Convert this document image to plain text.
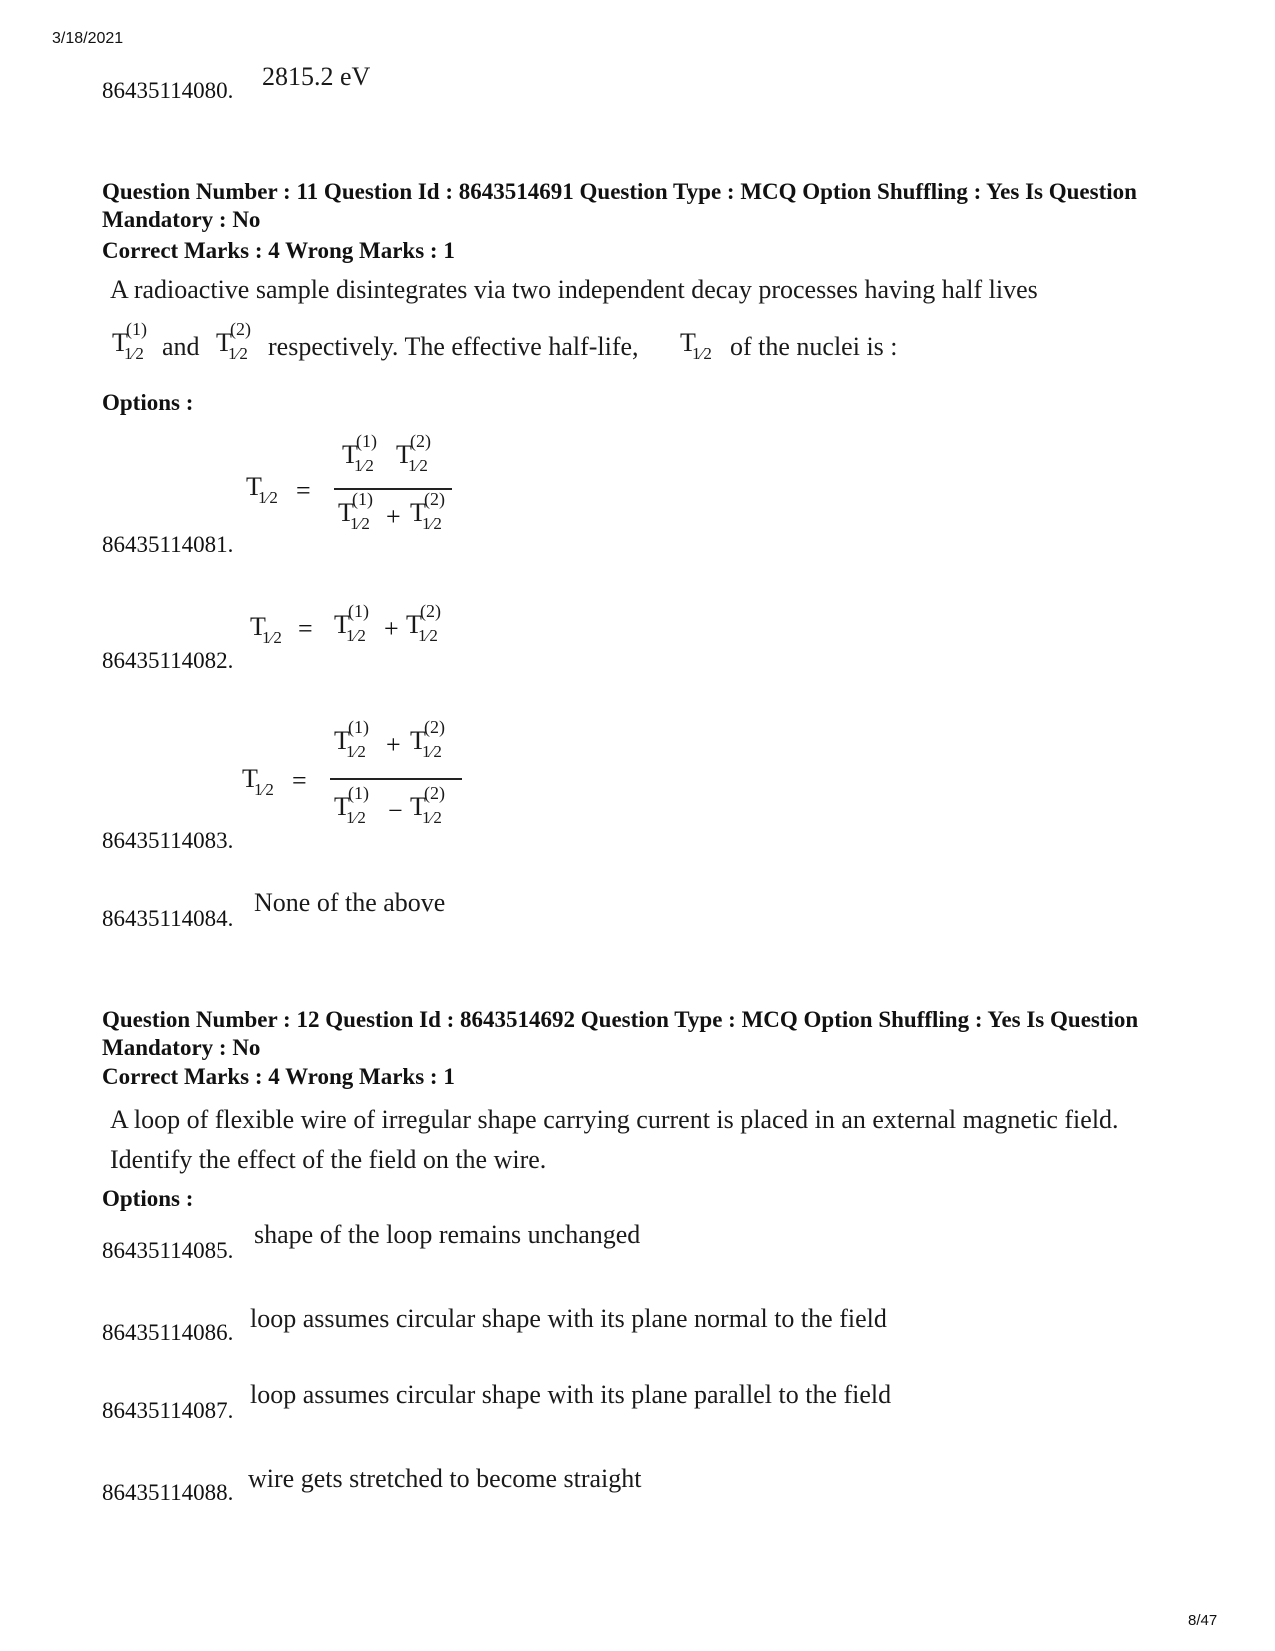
3/18/2021
86435114080. 2815.2 eV
Question Number : 11 Question Id : 8643514691 Question Type : MCQ Option Shuffling : Yes Is Question Mandatory : No
Correct Marks : 4 Wrong Marks : 1
A radioactive sample disintegrates via two independent decay processes having half lives
T
(1)
1⁄2 and T
(2)
1⁄2 respectively. The effective half-life, T
1⁄2 of the nuclei is :
Options :
86435114081.
T
1⁄2 =
T
(1)
1⁄2 T
(2)
1⁄2
T
(1)
1⁄2 + T
(2)
1⁄2
86435114082.
T
1⁄2 = T
(1)
1⁄2 + T
(2)
1⁄2
86435114083.
T
1⁄2 =
T
(1)
1⁄2 + T
(2)
1⁄2
T
(1)
1⁄2 − T
(2)
1⁄2
86435114084.
None of the above
Question Number : 12 Question Id : 8643514692 Question Type : MCQ Option Shuffling : Yes Is Question Mandatory : No
Correct Marks : 4 Wrong Marks : 1
A loop of flexible wire of irregular shape carrying current is placed in an external magnetic field. Identify the effect of the field on the wire.
Options :
86435114085.
shape of the loop remains unchanged
86435114086. loop assumes circular shape with its plane normal to the field
86435114087.
loop assumes circular shape with its plane parallel to the field
86435114088. wire gets stretched to become straight
8/47
